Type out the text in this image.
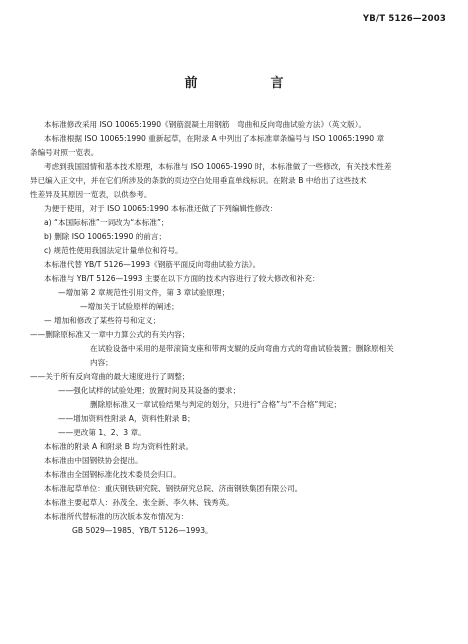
YB/T 5126—2003
前　言
本标准修改采用 ISO 10065:1990《钢筋混凝土用钢筋　弯曲和反向弯曲试验方法》（英文版）。
本标准根据 ISO 10065:1990 重新起草，在附录 A 中列出了本标准章条编号与 ISO 10065:1990 章
条编号对照一览表。
考虑到我国国情和基本技术原理，本标准与 ISO 10065-1990 时，本标准做了一些修改，有关技术性差
异已编入正文中，并在它们所涉及的条款的页边空白处用垂直单线标识。在附录 B 中给出了这些技术
性差异及其原因一览表，以供参考。
为便于使用，对于 ISO 10065:1990 本标准还做了下列编辑性修改：
a) “本国际标准”一词改为“本标准”；
b) 删除 ISO 10065:1990 的前言；
c) 规范性使用我国法定计量单位和符号。
本标准代替 YB/T 5126—1993《钢筋平面反向弯曲试验方法》。
本标准与 YB/T 5126—1993 主要在以下方面的技术内容进行了较大修改和补充：
—增加第 2 章规范性引用文件，第 3 章试验原理；
—增加关于试验原样的阐述；
— 增加和修改了某些符号和定义；
——删除原标准又一章中力算公式的有关内容；
在试验设备中采用的是带滚筒支座和带两支辊的反向弯曲方式的弯曲试验装置；删除原相关
内容；
——关于所有反向弯曲的最大速度进行了调整；
——强化试样的试验处理；放置时间及其设备的要求；
删除原标准又一章试验结果与判定的划分，只进行“合格”与“不合格”判定；
——增加资料性附录 A，资料性附录 B；
——更改第 1、2、3 章。
本标准的附录 A 和附录 B 均为资料性附录。
本标准由中国钢铁协会提出。
本标准由全国钢标准化技术委员会归口。
本标准起草单位：重庆钢铁研究院、钢铁研究总院、济南钢铁集团有限公司。
本标准主要起草人：孙茂全、张全新、李久林、钱秀英。
本标准所代替标准的历次版本发布情况为：
GB 5029—1985、YB/T 5126—1993。
